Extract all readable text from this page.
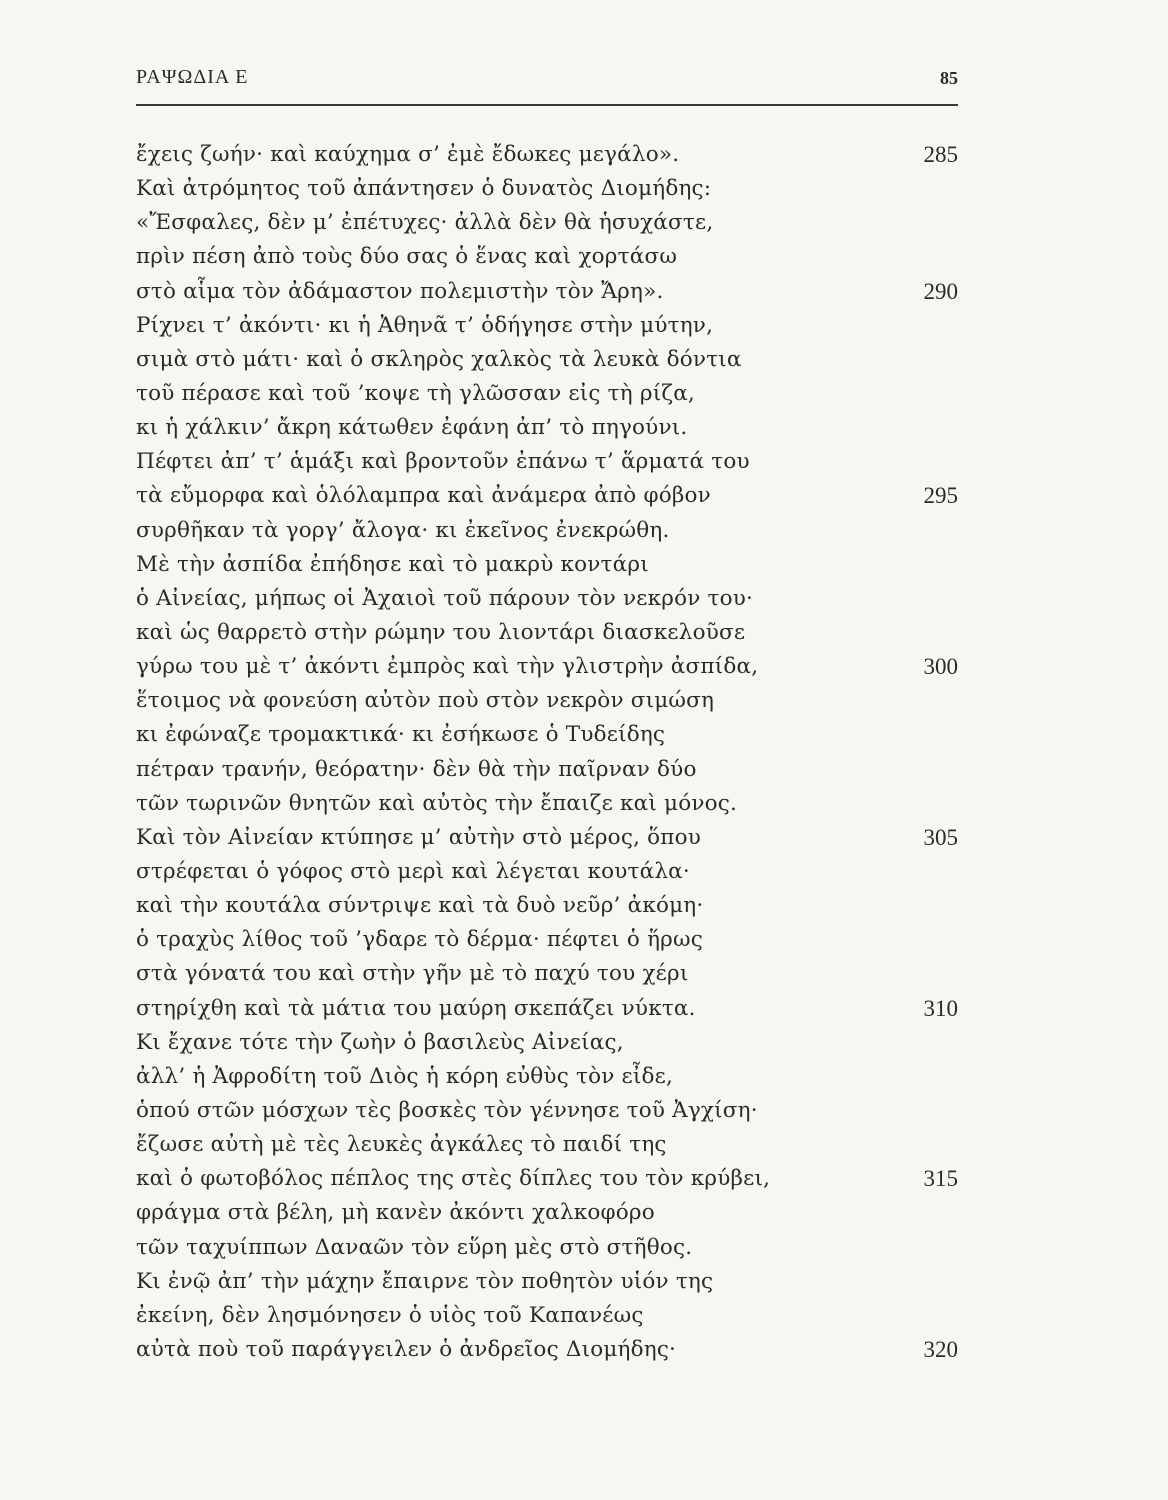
ΡΑΨΩΔΙΑ Ε	85
ἔχεις ζωήν· καὶ καύχημα σ’ ἐμὲ ἔδωκες μεγάλο».	285
Καὶ ἀτρόμητος τοῦ ἀπάντησεν ὁ δυνατὸς Διομήδης:
«Ἔσφαλες, δὲν μ’ ἐπέτυχες· ἀλλὰ δὲν θὰ ἡσυχάστε,
πρὶν πέση ἀπὸ τοὺς δύο σας ὁ ἕνας καὶ χορτάσω
στὸ αἷμα τὸν ἀδάμαστον πολεμιστὴν τὸν Ἄρη».	290
Ρίχνει τ’ ἀκόντι· κι ἡ Ἀθηνᾶ τ’ ὁδήγησε στὴν μύτην,
σιμὰ στὸ μάτι· καὶ ὁ σκληρὸς χαλκὸς τὰ λευκὰ δόντια
τοῦ πέρασε καὶ τοῦ ’κοψε τὴ γλῶσσαν εἰς τὴ ρίζα,
κι ἡ χάλκιν’ ἄκρη κάτωθεν ἐφάνη ἀπ’ τὸ πηγούνι.
Πέφτει ἀπ’ τ’ ἁμάξι καὶ βροντοῦν ἐπάνω τ’ ἅρματά του
τὰ εὔμορφα καὶ ὁλόλαμπρα καὶ ἀνάμερα ἀπὸ φόβον	295
συρθῆκαν τὰ γοργ’ ἄλογα· κι ἐκεῖνος ἐνεκρώθη.
Μὲ τὴν ἀσπίδα ἐπήδησε καὶ τὸ μακρὺ κοντάρι
ὁ Αἰνείας, μήπως οἱ Ἀχαιοὶ τοῦ πάρουν τὸν νεκρόν του·
καὶ ὡς θαρρετὸ στὴν ρώμην του λιοντάρι διασκελοῦσε
γύρω του μὲ τ’ ἀκόντι ἐμπρὸς καὶ τὴν γλιστρὴν ἀσπίδα,	300
ἕτοιμος νὰ φονεύση αὐτὸν ποὺ στὸν νεκρὸν σιμώση
κι ἐφώναζε τρομακτικά· κι ἐσήκωσε ὁ Τυδείδης
πέτραν τρανήν, θεόρατην· δὲν θὰ τὴν παῖρναν δύο
τῶν τωρινῶν θνητῶν καὶ αὐτὸς τὴν ἔπαιζε καὶ μόνος.
Καὶ τὸν Αἰνείαν κτύπησε μ’ αὐτὴν στὸ μέρος, ὅπου	305
στρέφεται ὁ γόφος στὸ μερὶ καὶ λέγεται κουτάλα·
καὶ τὴν κουτάλα σύντριψε καὶ τὰ δυὸ νεῦρ’ ἀκόμη·
ὁ τραχὺς λίθος τοῦ ’γδαρε τὸ δέρμα· πέφτει ὁ ἥρως
στὰ γόνατά του καὶ στὴν γῆν μὲ τὸ παχύ του χέρι
στηρίχθη καὶ τὰ μάτια του μαύρη σκεπάζει νύκτα.	310
Κι ἔχανε τότε τὴν ζωὴν ὁ βασιλεὺς Αἰνείας,
ἀλλ’ ἡ Ἀφροδίτη τοῦ Διὸς ἡ κόρη εὐθὺς τὸν εἶδε,
ὁπού στῶν μόσχων τὲς βοσκὲς τὸν γέννησε τοῦ Ἀγχίση·
ἔζωσε αὐτὴ μὲ τὲς λευκὲς ἀγκάλες τὸ παιδί της
καὶ ὁ φωτοβόλος πέπλος της στὲς δίπλες του τὸν κρύβει,	315
φράγμα στὰ βέλη, μὴ κανὲν ἀκόντι χαλκοφόρο
τῶν ταχυίππων Δαναῶν τὸν εὕρη μὲς στὸ στῆθος.
Κι ἐνῷ ἀπ’ τὴν μάχην ἔπαιρνε τὸν ποθητὸν υἱόν της
ἐκείνη, δὲν λησμόνησεν ὁ υἱὸς τοῦ Καπανέως
αὐτὰ ποὺ τοῦ παράγγειλεν ὁ ἀνδρεῖος Διομήδης·	320
